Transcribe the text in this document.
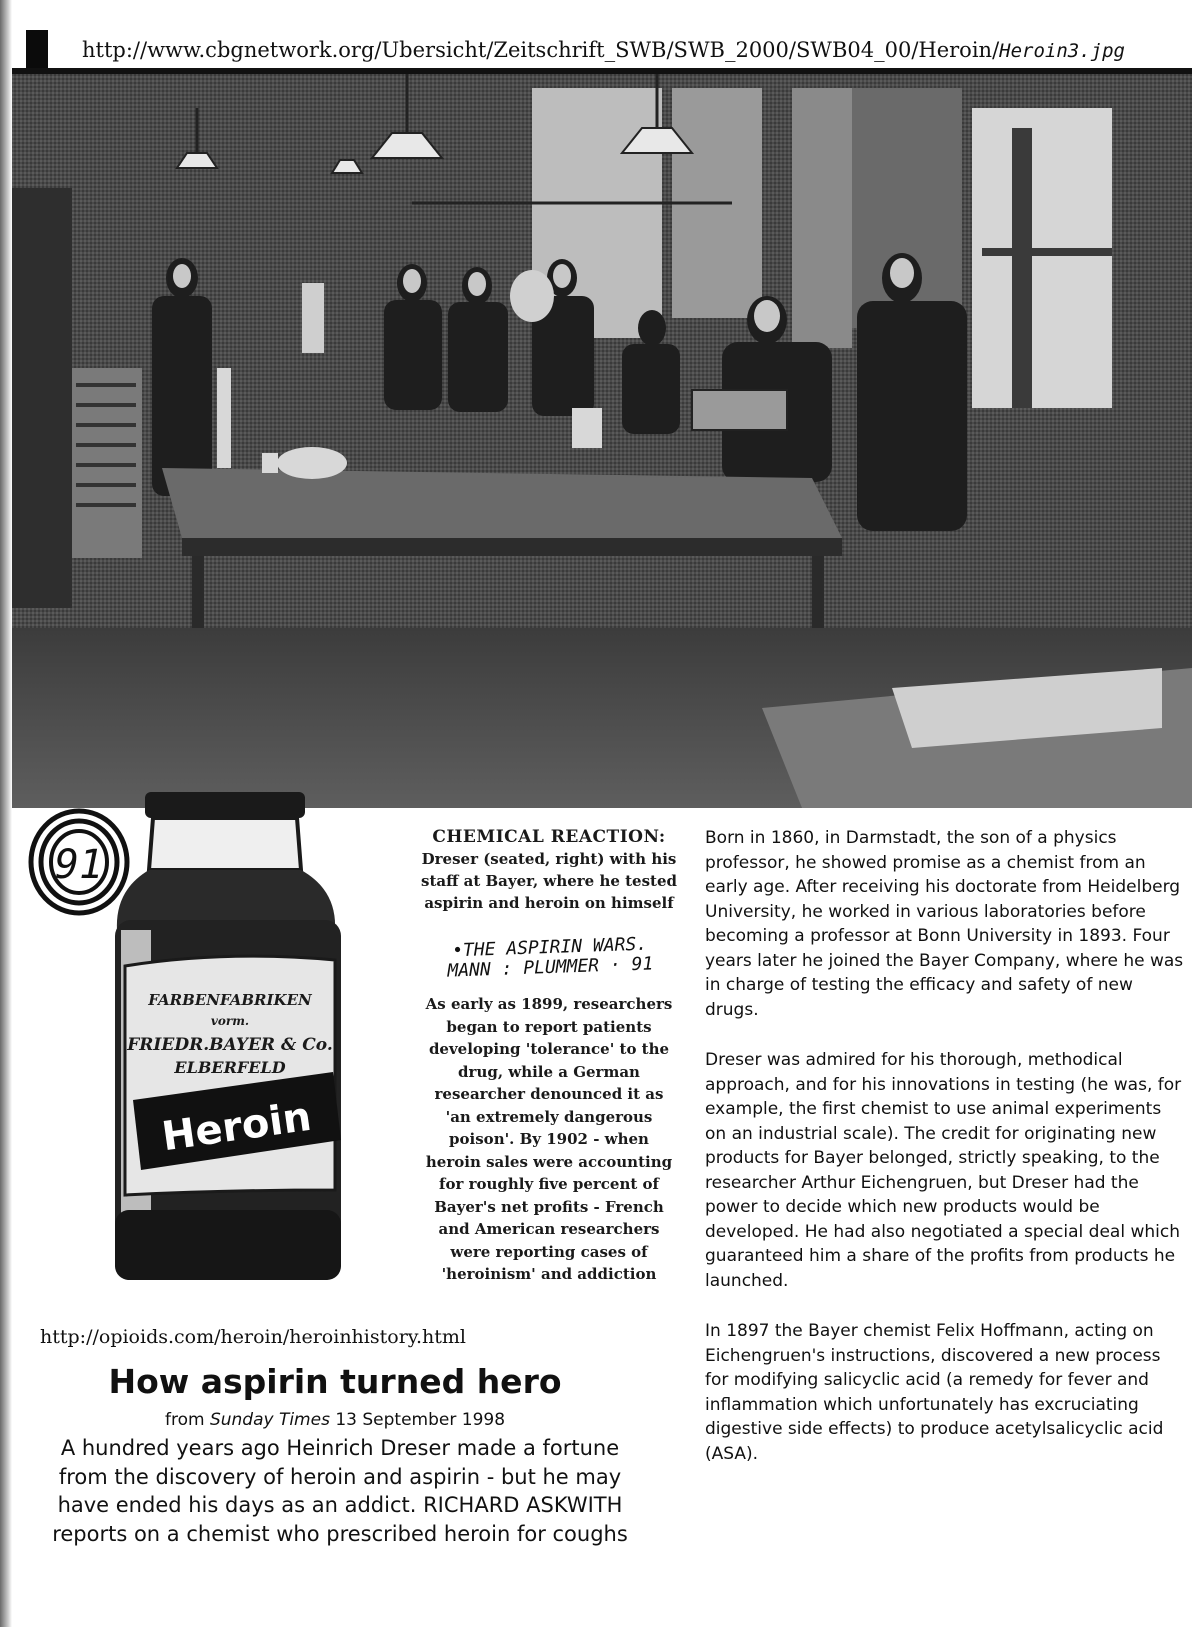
http://www.cbgnetwork.org/Ubersicht/Zeitschrift_SWB/SWB_2000/SWB04_00/Heroin/Heroin3.jpg
91
FARBENFABRIKEN
vorm.
FRIEDR.BAYER & Co.
ELBERFELD
Heroin
CHEMICAL REACTION:
Dreser (seated, right) with his staff at Bayer, where he tested aspirin and heroin on himself
•THE ASPIRIN WARS.
MANN : PLUMMER · 91
As early as 1899, researchers began to report patients developing 'tolerance' to the drug, while a German researcher denounced it as 'an extremely dangerous poison'. By 1902 - when heroin sales were accounting for roughly five percent of Bayer's net profits - French and American researchers were reporting cases of 'heroinism' and addiction

Born in 1860, in Darmstadt, the son of a physics professor, he showed promise as a chemist from an early age. After receiving his doctorate from Heidelberg University, he worked in various laboratories before becoming a professor at Bonn University in 1893. Four years later he joined the Bayer Company, where he was in charge of testing the efficacy and safety of new drugs.

Dreser was admired for his thorough, methodical approach, and for his innovations in testing (he was, for example, the first chemist to use animal experiments on an industrial scale). The credit for originating new products for Bayer belonged, strictly speaking, to the researcher Arthur Eichengruen, but Dreser had the power to decide which new products would be developed. He had also negotiated a special deal which guaranteed him a share of the profits from products he launched.

In 1897 the Bayer chemist Felix Hoffmann, acting on Eichengruen's instructions, discovered a new process for modifying salicyclic acid (a remedy for fever and inflammation which unfortunately has excruciating digestive side effects) to produce acetylsalicyclic acid (ASA).

http://opioids.com/heroin/heroinhistory.html
How aspirin turned hero
from Sunday Times 13 September 1998
A hundred years ago Heinrich Dreser made a fortune from the discovery of heroin and aspirin - but he may have ended his days as an addict. RICHARD ASKWITH reports on a chemist who prescribed heroin for coughs
